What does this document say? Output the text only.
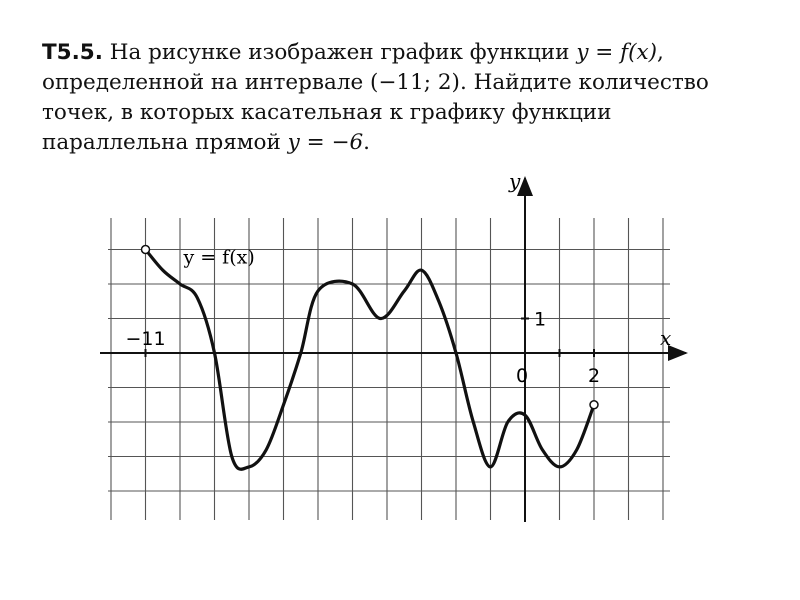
Т5.5. На рисунке изображен график функции y = f(x), определенной на интервале (−11; 2). Найдите количество точек, в которых касательная к графику функции параллельна прямой y = −6.

y
x
−11
0	2
1
y = f(x)
